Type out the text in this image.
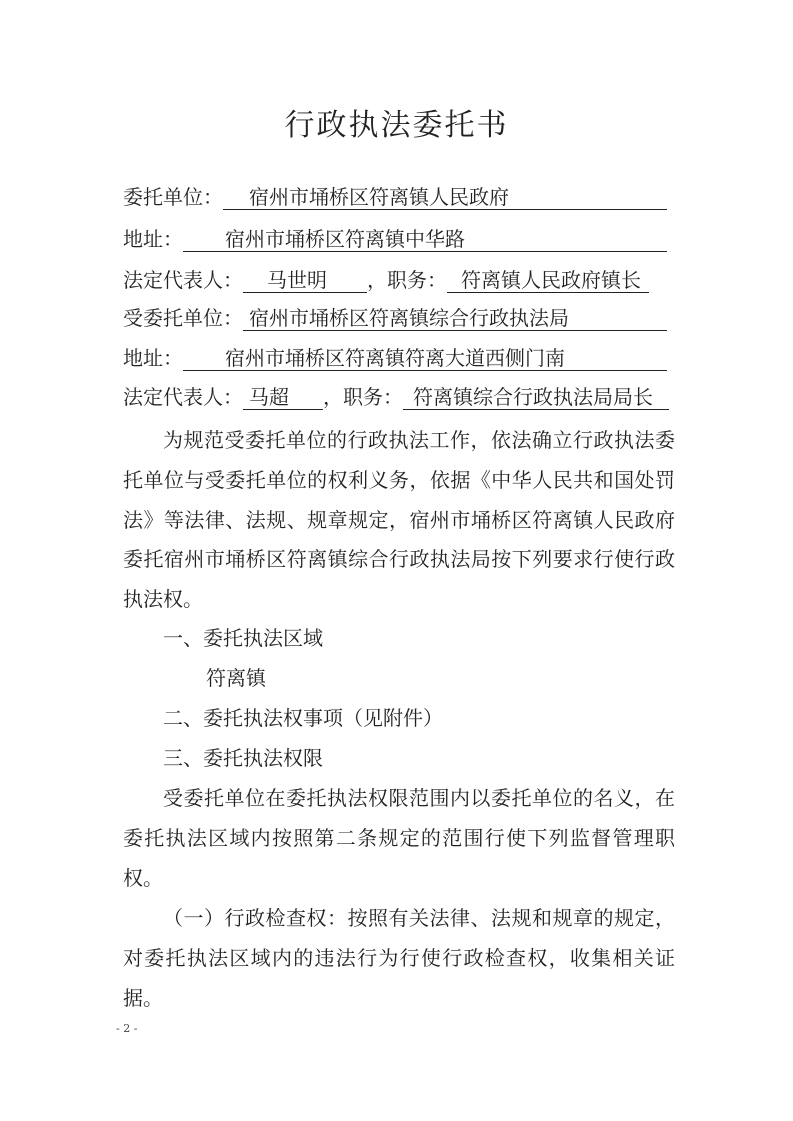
行政执法委托书
委托单位： 宿州市埇桥区符离镇人民政府
地址： 宿州市埇桥区符离镇中华路
法定代表人： 马世明 ，职务： 符离镇人民政府镇长
受委托单位： 宿州市埇桥区符离镇综合行政执法局
地址： 宿州市埇桥区符离镇符离大道西侧门南
法定代表人： 马超 ，职务： 符离镇综合行政执法局局长
为规范受委托单位的行政执法工作，依法确立行政执法委托单位与受委托单位的权利义务，依据《中华人民共和国处罚法》等法律、法规、规章规定，宿州市埇桥区符离镇人民政府委托宿州市埇桥区符离镇综合行政执法局按下列要求行使行政执法权。
一、委托执法区域
符离镇
二、委托执法权事项（见附件）
三、委托执法权限
受委托单位在委托执法权限范围内以委托单位的名义，在委托执法区域内按照第二条规定的范围行使下列监督管理职权。
（一）行政检查权：按照有关法律、法规和规章的规定，对委托执法区域内的违法行为行使行政检查权，收集相关证据。
- 2 -
